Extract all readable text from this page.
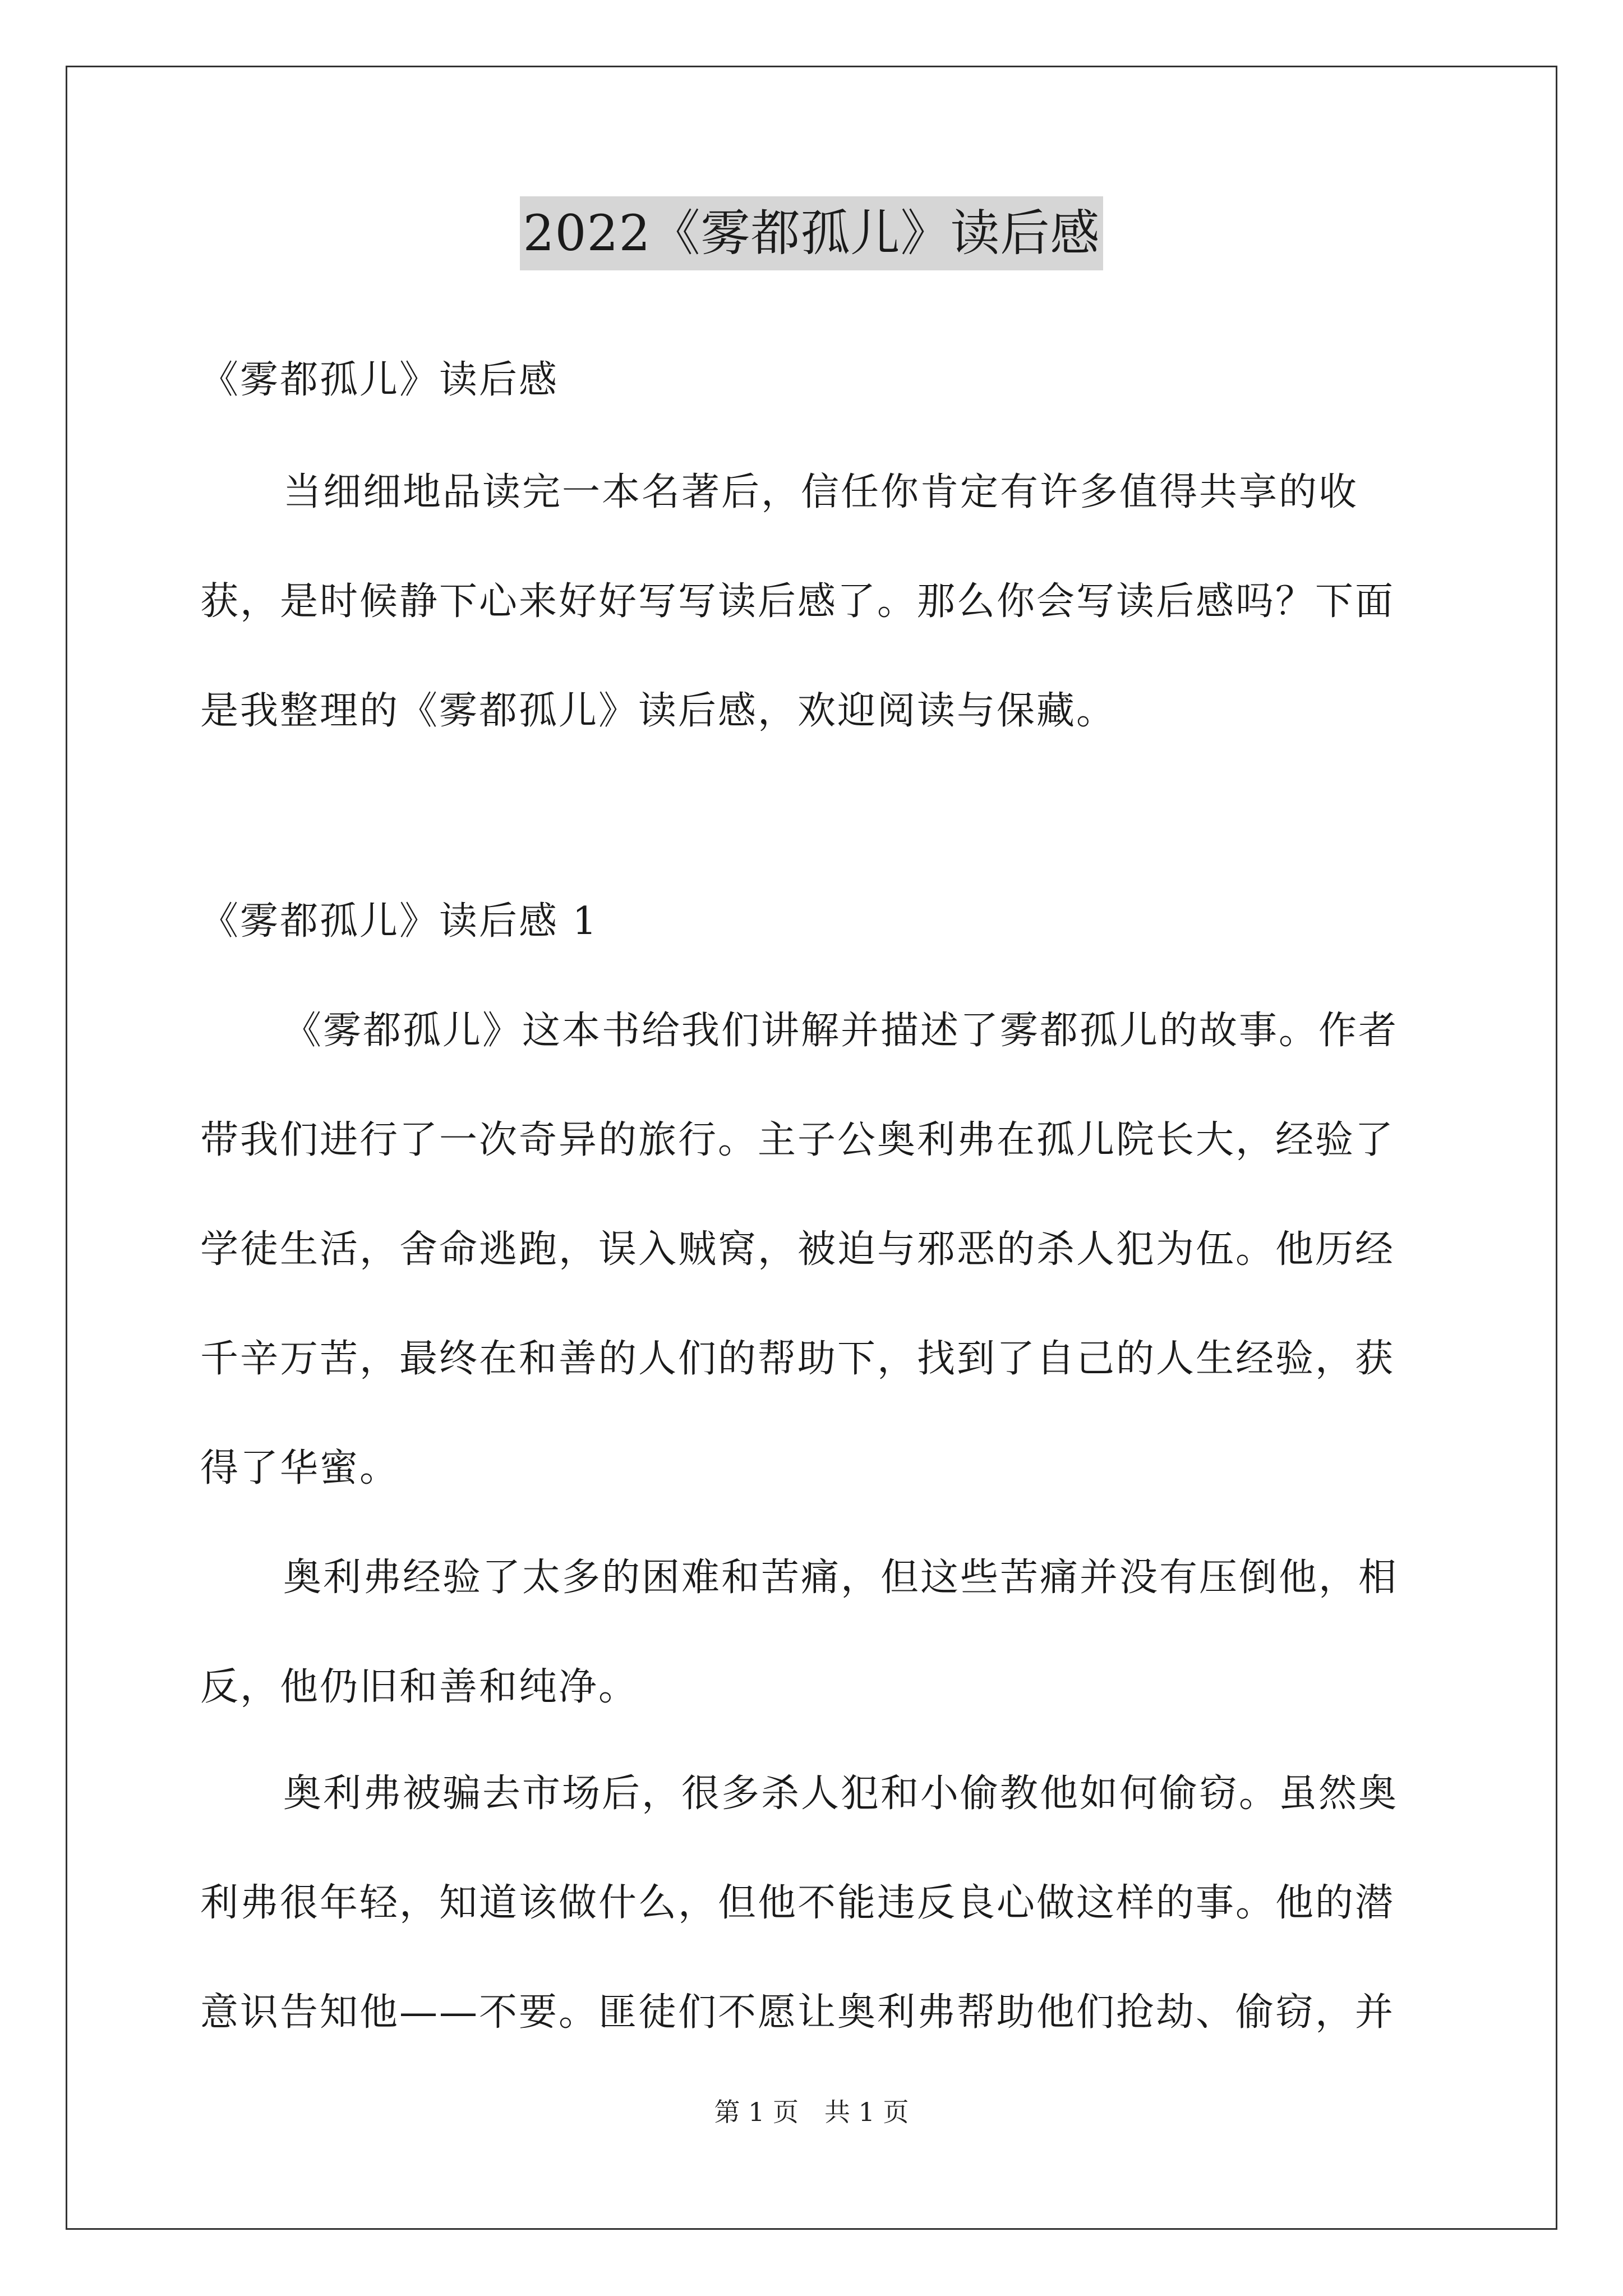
2022《雾都孤儿》读后感

《雾都孤儿》读后感

当细细地品读完一本名著后，信任你肯定有许多值得共享的收获，是时候静下心来好好写写读后感了。那么你会写读后感吗？下面是我整理的《雾都孤儿》读后感，欢迎阅读与保藏。

《雾都孤儿》读后感 1

《雾都孤儿》这本书给我们讲解并描述了雾都孤儿的故事。作者带我们进行了一次奇异的旅行。主子公奥利弗在孤儿院长大，经验了学徒生活，舍命逃跑，误入贼窝，被迫与邪恶的杀人犯为伍。他历经千辛万苦，最终在和善的人们的帮助下，找到了自己的人生经验，获得了华蜜。

奥利弗经验了太多的困难和苦痛，但这些苦痛并没有压倒他，相反，他仍旧和善和纯净。

奥利弗被骗去市场后，很多杀人犯和小偷教他如何偷窃。虽然奥利弗很年轻，知道该做什么，但他不能违反良心做这样的事。他的潜意识告知他——不要。匪徒们不愿让奥利弗帮助他们抢劫、偷窃，并

第 1 页　共 1 页
